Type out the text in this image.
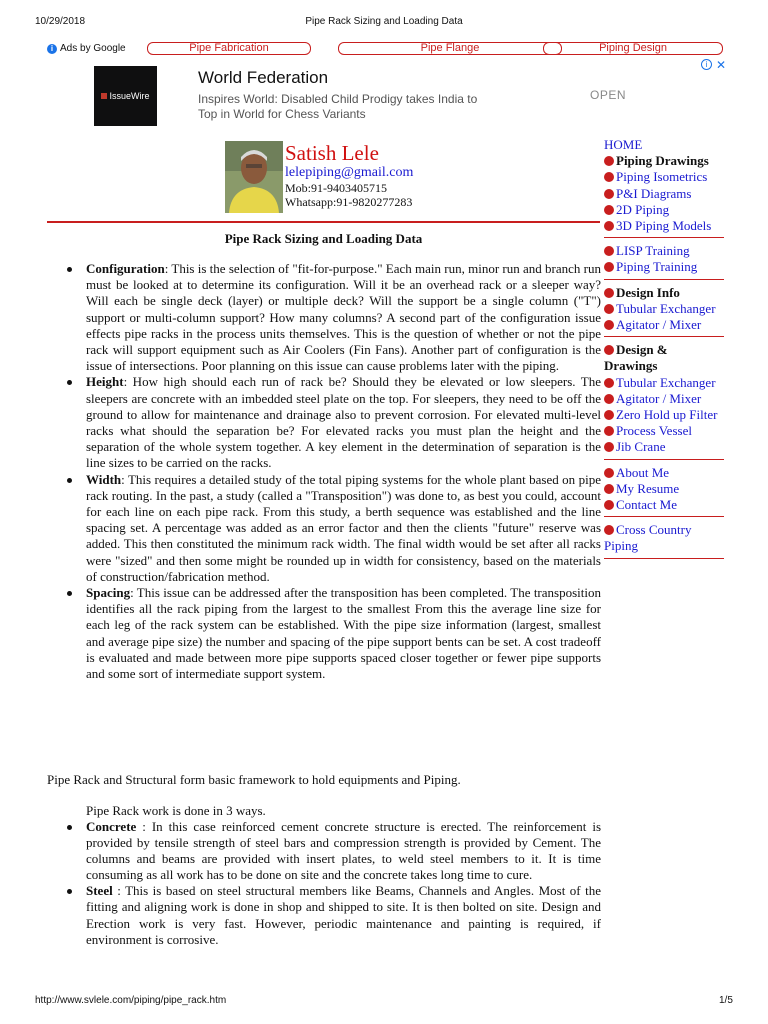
10/29/2018	Pipe Rack Sizing and Loading Data
i Ads by Google	Pipe Fabrication	Pipe Flange	Piping Design
IssueWire
World Federation
Inspires World: Disabled Child Prodigy takes India to Top in World for Chess Variants
OPEN
i ✕
Satish Lele
lelepiping@gmail.com
Mob:91-9403405715
Whatsapp:91-9820277283
Pipe Rack Sizing and Loading Data
Configuration: This is the selection of "fit-for-purpose." Each main run, minor run and branch run must be looked at to determine its configuration. Will it be an overhead rack or a sleeper way? Will each be single deck (layer) or multiple deck? Will the support be a single column ("T") support or multi-column support? How many columns? A second part of the configuration issue effects pipe racks in the process units themselves. This is the question of whether or not the pipe rack will support equipment such as Air Coolers (Fin Fans). Another part of configuration is the issue of intersections. Poor planning on this issue can cause problems later with the piping.
Height: How high should each run of rack be? Should they be elevated or low sleepers. The sleepers are concrete with an imbedded steel plate on the top. For sleepers, they need to be off the ground to allow for maintenance and drainage also to prevent corrosion. For elevated multi-level racks what should the separation be? For elevated racks you must plan the height and the separation of the whole system together. A key element in the determination of separation is the line sizes to be carried on the racks.
Width: This requires a detailed study of the total piping systems for the whole plant based on pipe rack routing. In the past, a study (called a "Transposition") was done to, as best you could, account for each line on each pipe rack. From this study, a berth sequence was established and the line spacing set. A percentage was added as an error factor and then the clients "future" reserve was added. This then constituted the minimum rack width. The final width would be set after all racks were "sized" and then some might be rounded up in width for consistency, based on the materials of construction/fabrication method.
Spacing: This issue can be addressed after the transposition has been completed. The transposition identifies all the rack piping from the largest to the smallest From this the average line size for each leg of the rack system can be established. With the pipe size information (largest, smallest and average pipe size) the number and spacing of the pipe support bents can be set. A cost tradeoff is evaluated and made between more pipe supports spaced closer together or fewer pipe supports and some sort of intermediate support system.
Pipe Rack and Structural form basic framework to hold equipments and Piping.
Pipe Rack work is done in 3 ways.
Concrete : In this case reinforced cement concrete structure is erected. The reinforcement is provided by tensile strength of steel bars and compression strength is provided by Cement. The columns and beams are provided with insert plates, to weld steel members to it. It is time consuming as all work has to be done on site and the concrete takes long time to cure.
Steel : This is based on steel structural members like Beams, Channels and Angles. Most of the fitting and aligning work is done in shop and shipped to site. It is then bolted on site. Design and Erection work is very fast. However, periodic maintenance and painting is required, if environment is corrosive.
HOME
Piping Drawings
Piping Isometrics
P&I Diagrams
2D Piping
3D Piping Models
LISP Training
Piping Training
Design Info
Tubular Exchanger
Agitator / Mixer
Design & Drawings
Tubular Exchanger
Agitator / Mixer
Zero Hold up Filter
Process Vessel
Jib Crane
About Me
My Resume
Contact Me
Cross Country Piping
http://www.svlele.com/piping/pipe_rack.htm	1/5
